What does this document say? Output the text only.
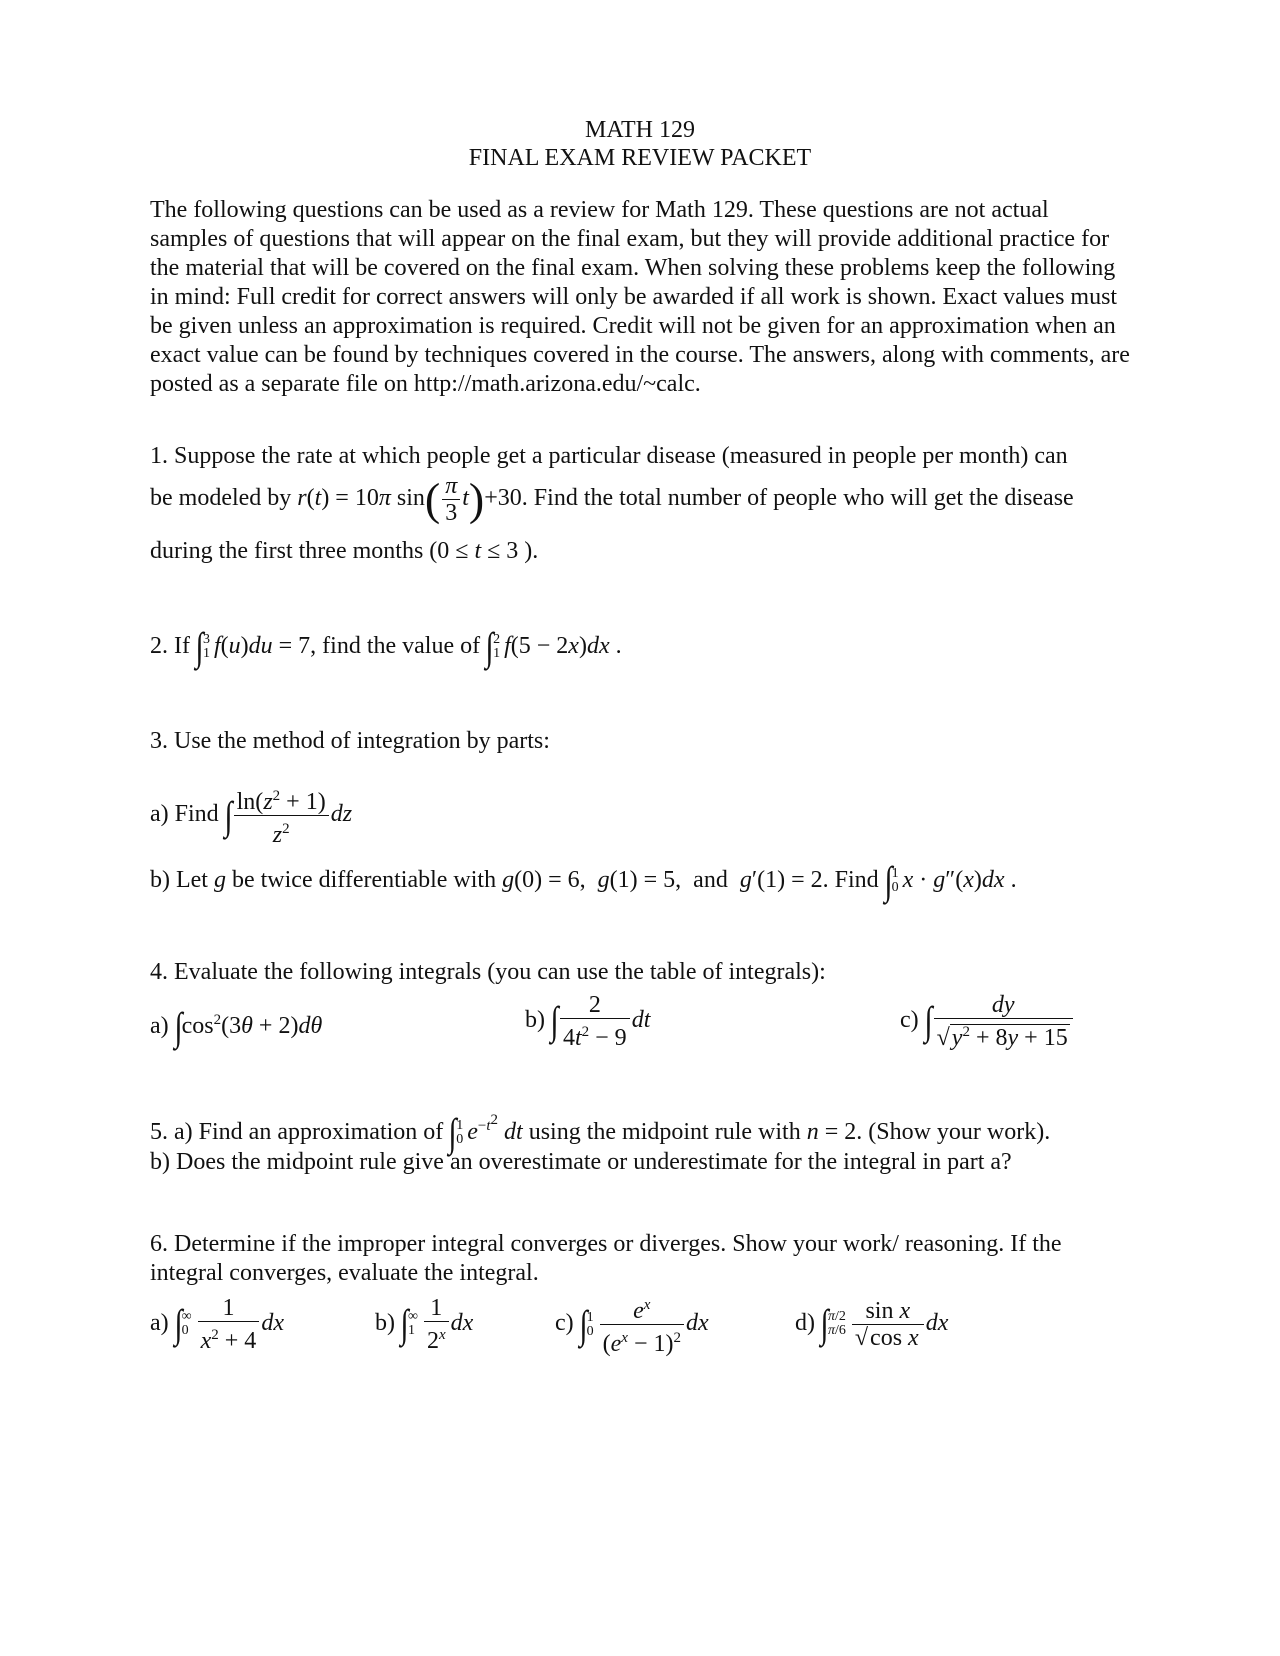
MATH 129
FINAL EXAM REVIEW PACKET
The following questions can be used as a review for Math 129. These questions are not actual samples of questions that will appear on the final exam, but they will provide additional practice for the material that will be covered on the final exam. When solving these problems keep the following in mind: Full credit for correct answers will only be awarded if all work is shown. Exact values must be given unless an approximation is required. Credit will not be given for an approximation when an exact value can be found by techniques covered in the course. The answers, along with comments, are posted as a separate file on http://math.arizona.edu/~calc.
1. Suppose the rate at which people get a particular disease (measured in people per month) can
be modeled by r(t) = 10π $\sin( \frac{\pi}{3} t)+30$. Find the total number of people who will get the disease
during the first three months (0 ≤ t ≤ 3 ).
2. If ∫ 3
1 f(u)du = 7, find the value of ∫ 2
1 f(5 − 2x)dx .
3. Use the method of integration by parts:
a) Find ∫ $\frac{\ln(z^2 + 1)}{z^2}$ dz
b) Let g be twice differentiable with g(0) = 6,  g(1) = 5,  and g′(1) = 2. Find ∫ 1
0 x · g″(x)dx .
4. Evaluate the following integrals (you can use the table of integrals):
a) $\int\cos^2(3\theta + 2)d\theta$	b) ∫ $\frac{2}{4t^2 - 9}$ dt	c) ∫ $\frac{dy}{√y^2 + 8y + 15}$
5. a) Find an approximation of ∫ 1
0 $e^{-t^2}$ dt using the midpoint rule with n = 2. (Show your work).
b) Does the midpoint rule give an overestimate or underestimate for the integral in part a?
6. Determine if the improper integral converges or diverges. Show your work/ reasoning. If the
integral converges, evaluate the integral.
a) ∫ ∞
$0 \frac{1}{x^2 + 4}$ dx	b) ∫ ∞
$1 \frac{1}{2^x}$ dx	c) ∫ 1
$0 \frac{e^x}{(e^x - 1)^2}$ dx	d) ∫ π/2
$\pi/6 \frac{\text{sin x}}{\text{√cos x}}$ dx
